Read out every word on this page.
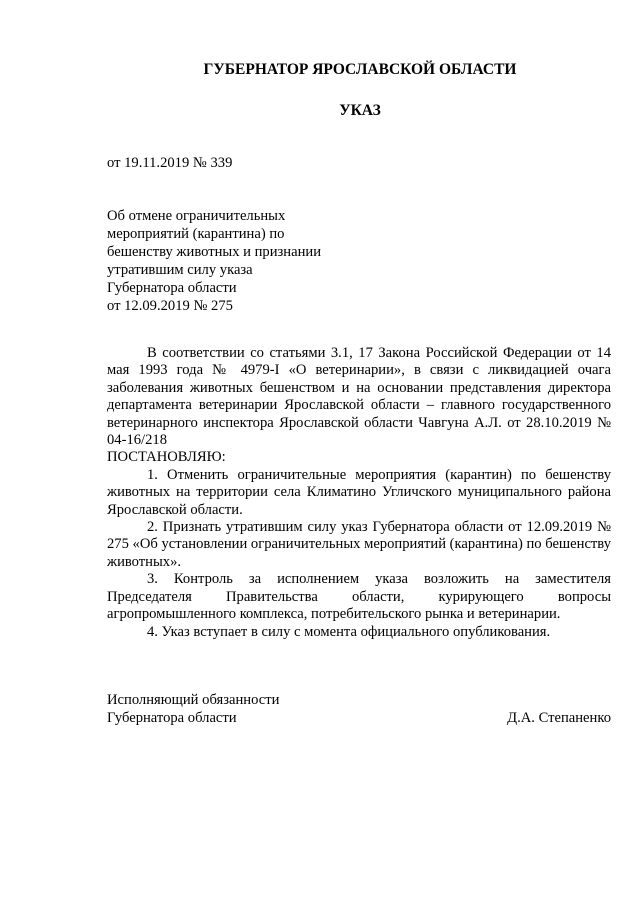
ГУБЕРНАТОР ЯРОСЛАВСКОЙ ОБЛАСТИ
УКАЗ
от 19.11.2019 № 339
Об отмене ограничительных
мероприятий (карантина) по
бешенству животных и признании
утратившим силу указа
Губернатора области
от 12.09.2019 № 275

В соответствии со статьями 3.1, 17 Закона Российской Федерации от 14 мая 1993 года № 4979-I «О ветеринарии», в связи с ликвидацией очага заболевания животных бешенством и на основании представления директора департамента ветеринарии Ярославской области – главного государственного ветеринарного инспектора Ярославской области Чавгуна А.Л. от 28.10.2019 № 04-16/218

ПОСТАНОВЛЯЮ:

1. Отменить ограничительные мероприятия (карантин) по бешенству животных на территории села Климатино Угличского муниципального района Ярославской области.

2. Признать утратившим силу указ Губернатора области от 12.09.2019 № 275 «Об установлении ограничительных мероприятий (карантина) по бешенству животных».

3. Контроль за исполнением указа возложить на заместителя Председателя Правительства области, курирующего вопросы агропромышленного комплекса, потребительского рынка и ветеринарии.

4. Указ вступает в силу с момента официального опубликования.

Исполняющий обязанности
Губернатора области	Д.А. Степаненко
